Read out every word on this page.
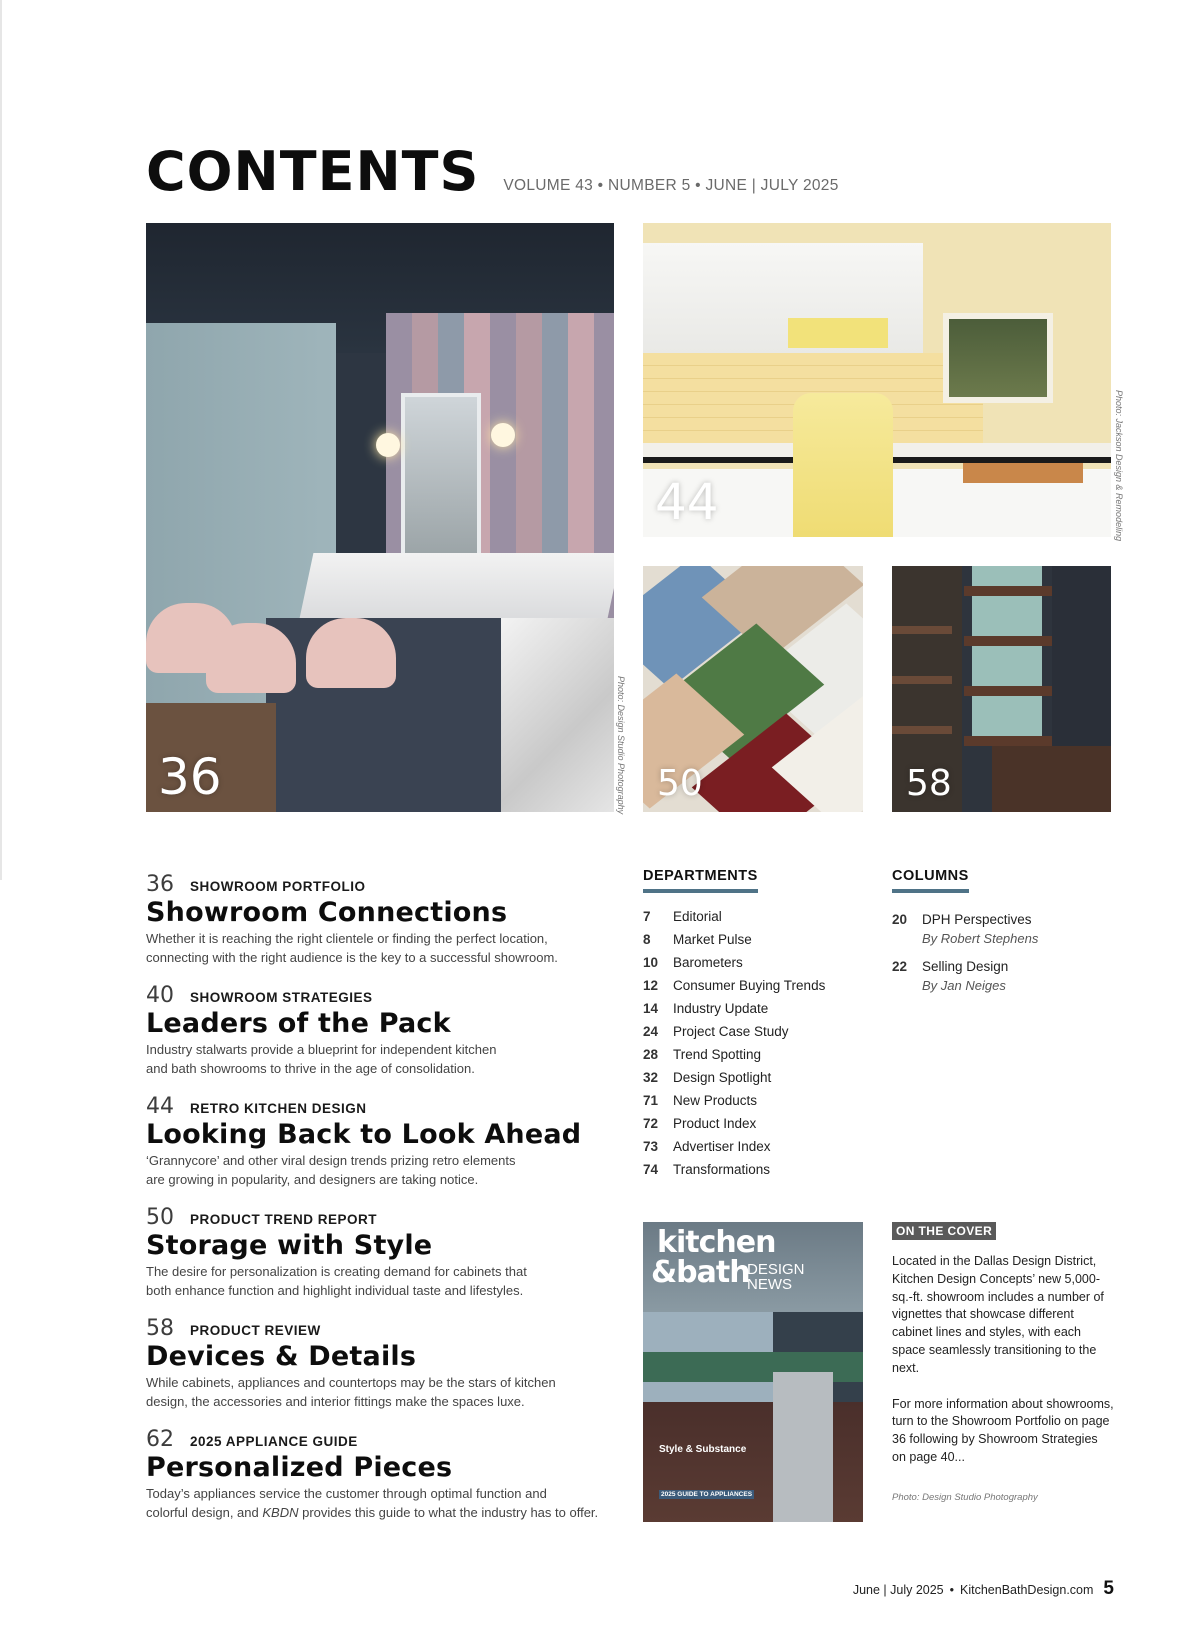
CONTENTS VOLUME 43 • NUMBER 5 • JUNE | JULY 2025
36	Photo: Design Studio Photography
44	Photo: Jackson Design & Remodeling
50	58
36	SHOWROOM PORTFOLIO
Showroom Connections
Whether it is reaching the right clientele or finding the perfect location,
connecting with the right audience is the key to a successful showroom.
40	SHOWROOM STRATEGIES
Leaders of the Pack
Industry stalwarts provide a blueprint for independent kitchen
and bath showrooms to thrive in the age of consolidation.
44	RETRO KITCHEN DESIGN
Looking Back to Look Ahead
‘Grannycore’ and other viral design trends prizing retro elements
are growing in popularity, and designers are taking notice.
50	PRODUCT TREND REPORT
Storage with Style
The desire for personalization is creating demand for cabinets that
both enhance function and highlight individual taste and lifestyles.
58	PRODUCT REVIEW
Devices & Details
While cabinets, appliances and countertops may be the stars of kitchen
design, the accessories and interior fittings make the spaces luxe.
62	2025 APPLIANCE GUIDE
Personalized Pieces
Today’s appliances service the customer through optimal function and
colorful design, and KBDN provides this guide to what the industry has to offer.
DEPARTMENTS
7	Editorial
8	Market Pulse
10	Barometers
12	Consumer Buying Trends
14	Industry Update
24	Project Case Study
28	Trend Spotting
32	Design Spotlight
71	New Products
72	Product Index
73	Advertiser Index
74	Transformations
COLUMNS
20	DPH Perspectives
By Robert Stephens
22	Selling Design
By Jan Neiges
kitchen
&bath
DESIGN
NEWS
Style & Substance
2025 GUIDE TO APPLIANCES
ON THE COVER

Located in the Dallas Design District, Kitchen Design Concepts’ new 5,000-sq.-ft. showroom includes a number of vignettes that showcase different cabinet lines and styles, with each space seamlessly transitioning to the next.

For more information about showrooms, turn to the Showroom Portfolio on page 36 following by Showroom Strategies on page 40...

Photo: Design Studio Photography
June | July 2025 • KitchenBathDesign.com 5
